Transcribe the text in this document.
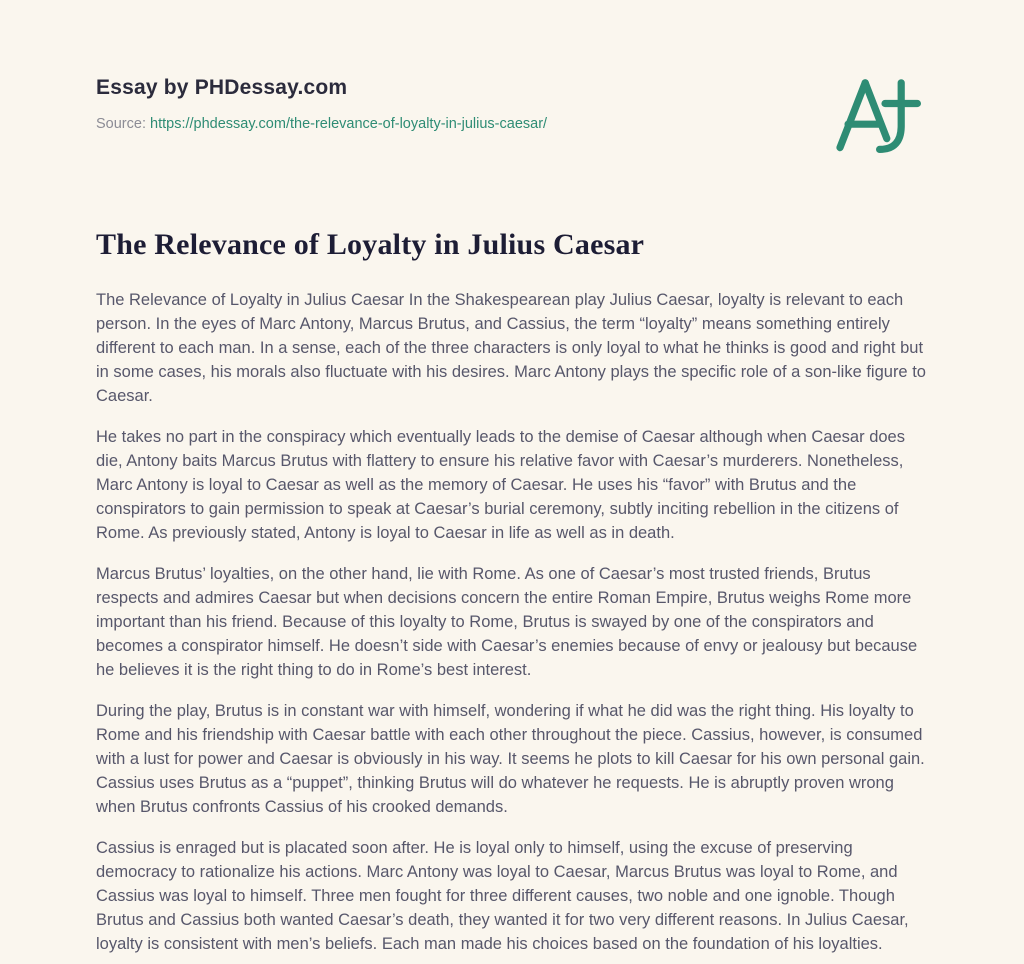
Essay by PHDessay.com
Source: https://phdessay.com/the-relevance-of-loyalty-in-julius-caesar/
The Relevance of Loyalty in Julius Caesar

The Relevance of Loyalty in Julius Caesar In the Shakespearean play Julius Caesar, loyalty is relevant to each person. In the eyes of Marc Antony, Marcus Brutus, and Cassius, the term “loyalty” means something entirely different to each man. In a sense, each of the three characters is only loyal to what he thinks is good and right but in some cases, his morals also fluctuate with his desires. Marc Antony plays the specific role of a son-like figure to Caesar.

He takes no part in the conspiracy which eventually leads to the demise of Caesar although when Caesar does die, Antony baits Marcus Brutus with flattery to ensure his relative favor with Caesar’s murderers. Nonetheless, Marc Antony is loyal to Caesar as well as the memory of Caesar. He uses his “favor” with Brutus and the conspirators to gain permission to speak at Caesar’s burial ceremony, subtly inciting rebellion in the citizens of Rome. As previously stated, Antony is loyal to Caesar in life as well as in death.

Marcus Brutus’ loyalties, on the other hand, lie with Rome. As one of Caesar’s most trusted friends, Brutus respects and admires Caesar but when decisions concern the entire Roman Empire, Brutus weighs Rome more important than his friend. Because of this loyalty to Rome, Brutus is swayed by one of the conspirators and becomes a conspirator himself. He doesn’t side with Caesar’s enemies because of envy or jealousy but because he believes it is the right thing to do in Rome’s best interest.

During the play, Brutus is in constant war with himself, wondering if what he did was the right thing. His loyalty to Rome and his friendship with Caesar battle with each other throughout the piece. Cassius, however, is consumed with a lust for power and Caesar is obviously in his way. It seems he plots to kill Caesar for his own personal gain. Cassius uses Brutus as a “puppet”, thinking Brutus will do whatever he requests. He is abruptly proven wrong when Brutus confronts Cassius of his crooked demands.

Cassius is enraged but is placated soon after. He is loyal only to himself, using the excuse of preserving democracy to rationalize his actions. Marc Antony was loyal to Caesar, Marcus Brutus was loyal to Rome, and Cassius was loyal to himself. Three men fought for three different causes, two noble and one ignoble. Though Brutus and Cassius both wanted Caesar’s death, they wanted it for two very different reasons. In Julius Caesar, loyalty is consistent with men’s beliefs. Each man made his choices based on the foundation of his loyalties.
